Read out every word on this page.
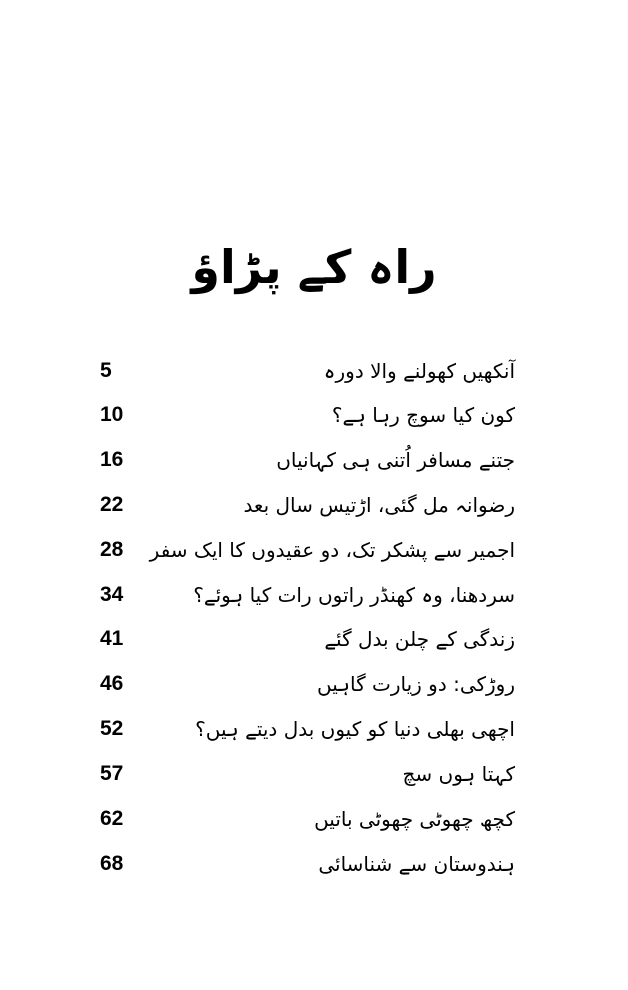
راہ کے پڑاؤ
5	آنکھیں کھولنے والا دورہ
10	کون کیا سوچ رہا ہے؟
16	جتنے مسافر اُتنی ہی کہانیاں
22	رضوانہ مل گئی، اڑتیس سال بعد
28	اجمیر سے پشکر تک، دو عقیدوں کا ایک سفر
34	سردھنا، وہ کھنڈر راتوں رات کیا ہوئے؟
41	زندگی کے چلن بدل گئے
46	روڑکی: دو زیارت گاہیں
52	اچھی بھلی دنیا کو کیوں بدل دیتے ہیں؟
57	کہتا ہوں سچ
62	کچھ چھوٹی چھوٹی باتیں
68	ہندوستان سے شناسائی
